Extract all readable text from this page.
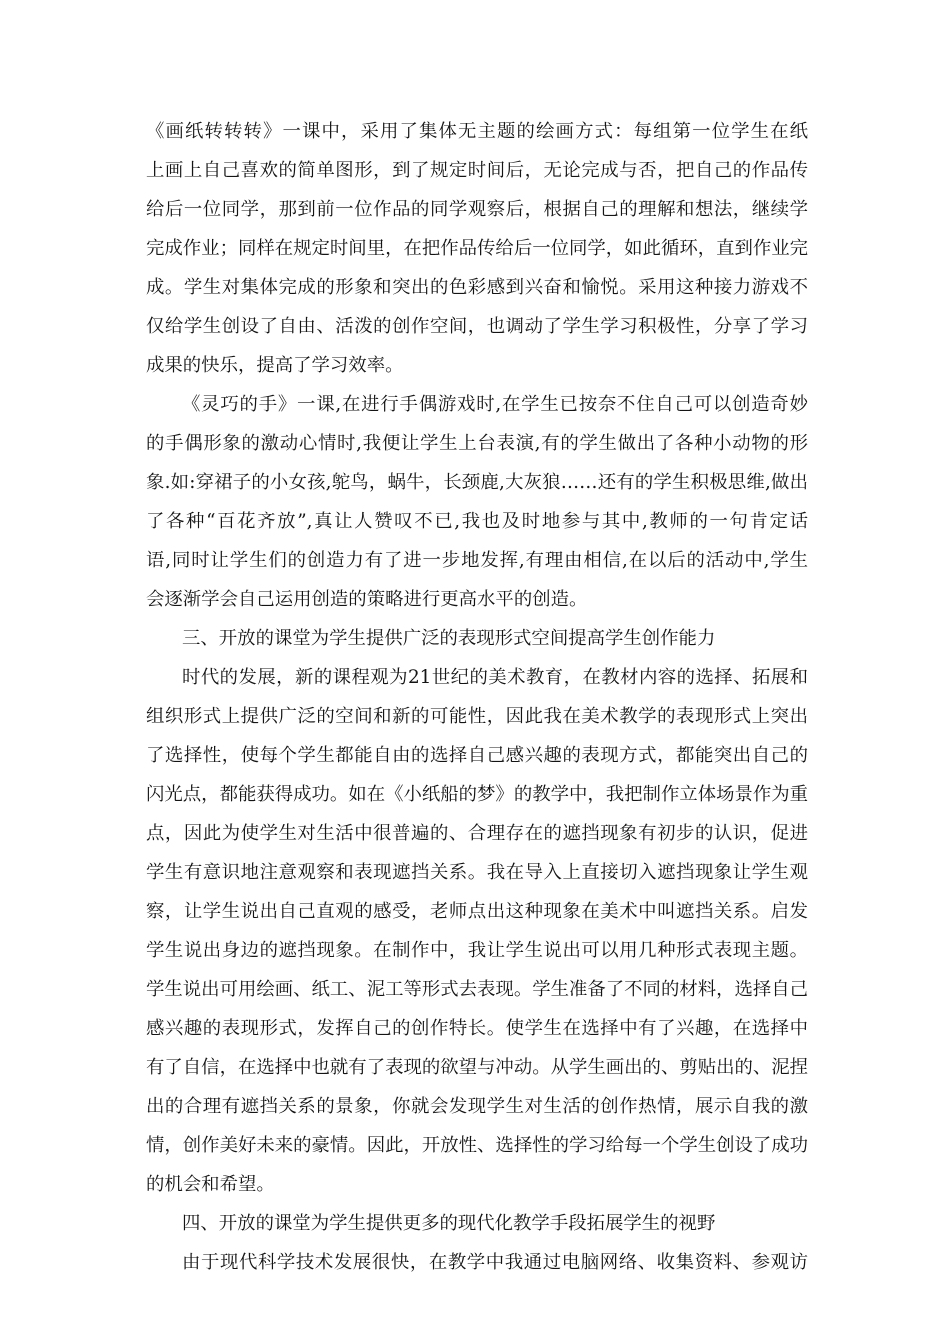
《画纸转转转》一课中，采用了集体无主题的绘画方式：每组第一位学生在纸
上画上自己喜欢的简单图形，到了规定时间后，无论完成与否，把自己的作品传
给后一位同学，那到前一位作品的同学观察后，根据自己的理解和想法，继续学
完成作业；同样在规定时间里，在把作品传给后一位同学，如此循环，直到作业完
成。学生对集体完成的形象和突出的色彩感到兴奋和愉悦。采用这种接力游戏不
仅给学生创设了自由、活泼的创作空间，也调动了学生学习积极性，分享了学习
成果的快乐，提高了学习效率。
《灵巧的手》一课,在进行手偶游戏时,在学生已按奈不住自己可以创造奇妙
的手偶形象的激动心情时,我便让学生上台表演,有的学生做出了各种小动物的形
象.如:穿裙子的小女孩,鸵鸟，蜗牛，长颈鹿,大灰狼……还有的学生积极思维,做出
了各种“百花齐放”,真让人赞叹不已,我也及时地参与其中,教师的一句肯定话
语,同时让学生们的创造力有了进一步地发挥,有理由相信,在以后的活动中,学生
会逐渐学会自己运用创造的策略进行更高水平的创造。
三、开放的课堂为学生提供广泛的表现形式空间提高学生创作能力
时代的发展，新的课程观为21世纪的美术教育，在教材内容的选择、拓展和
组织形式上提供广泛的空间和新的可能性，因此我在美术教学的表现形式上突出
了选择性，使每个学生都能自由的选择自己感兴趣的表现方式，都能突出自己的
闪光点，都能获得成功。如在《小纸船的梦》的教学中，我把制作立体场景作为重
点，因此为使学生对生活中很普遍的、合理存在的遮挡现象有初步的认识，促进
学生有意识地注意观察和表现遮挡关系。我在导入上直接切入遮挡现象让学生观
察，让学生说出自己直观的感受，老师点出这种现象在美术中叫遮挡关系。启发
学生说出身边的遮挡现象。在制作中，我让学生说出可以用几种形式表现主题。
学生说出可用绘画、纸工、泥工等形式去表现。学生准备了不同的材料，选择自己
感兴趣的表现形式，发挥自己的创作特长。使学生在选择中有了兴趣，在选择中
有了自信，在选择中也就有了表现的欲望与冲动。从学生画出的、剪贴出的、泥捏
出的合理有遮挡关系的景象，你就会发现学生对生活的创作热情，展示自我的激
情，创作美好未来的豪情。因此，开放性、选择性的学习给每一个学生创设了成功
的机会和希望。
四、开放的课堂为学生提供更多的现代化教学手段拓展学生的视野
由于现代科学技术发展很快，在教学中我通过电脑网络、收集资料、参观访
